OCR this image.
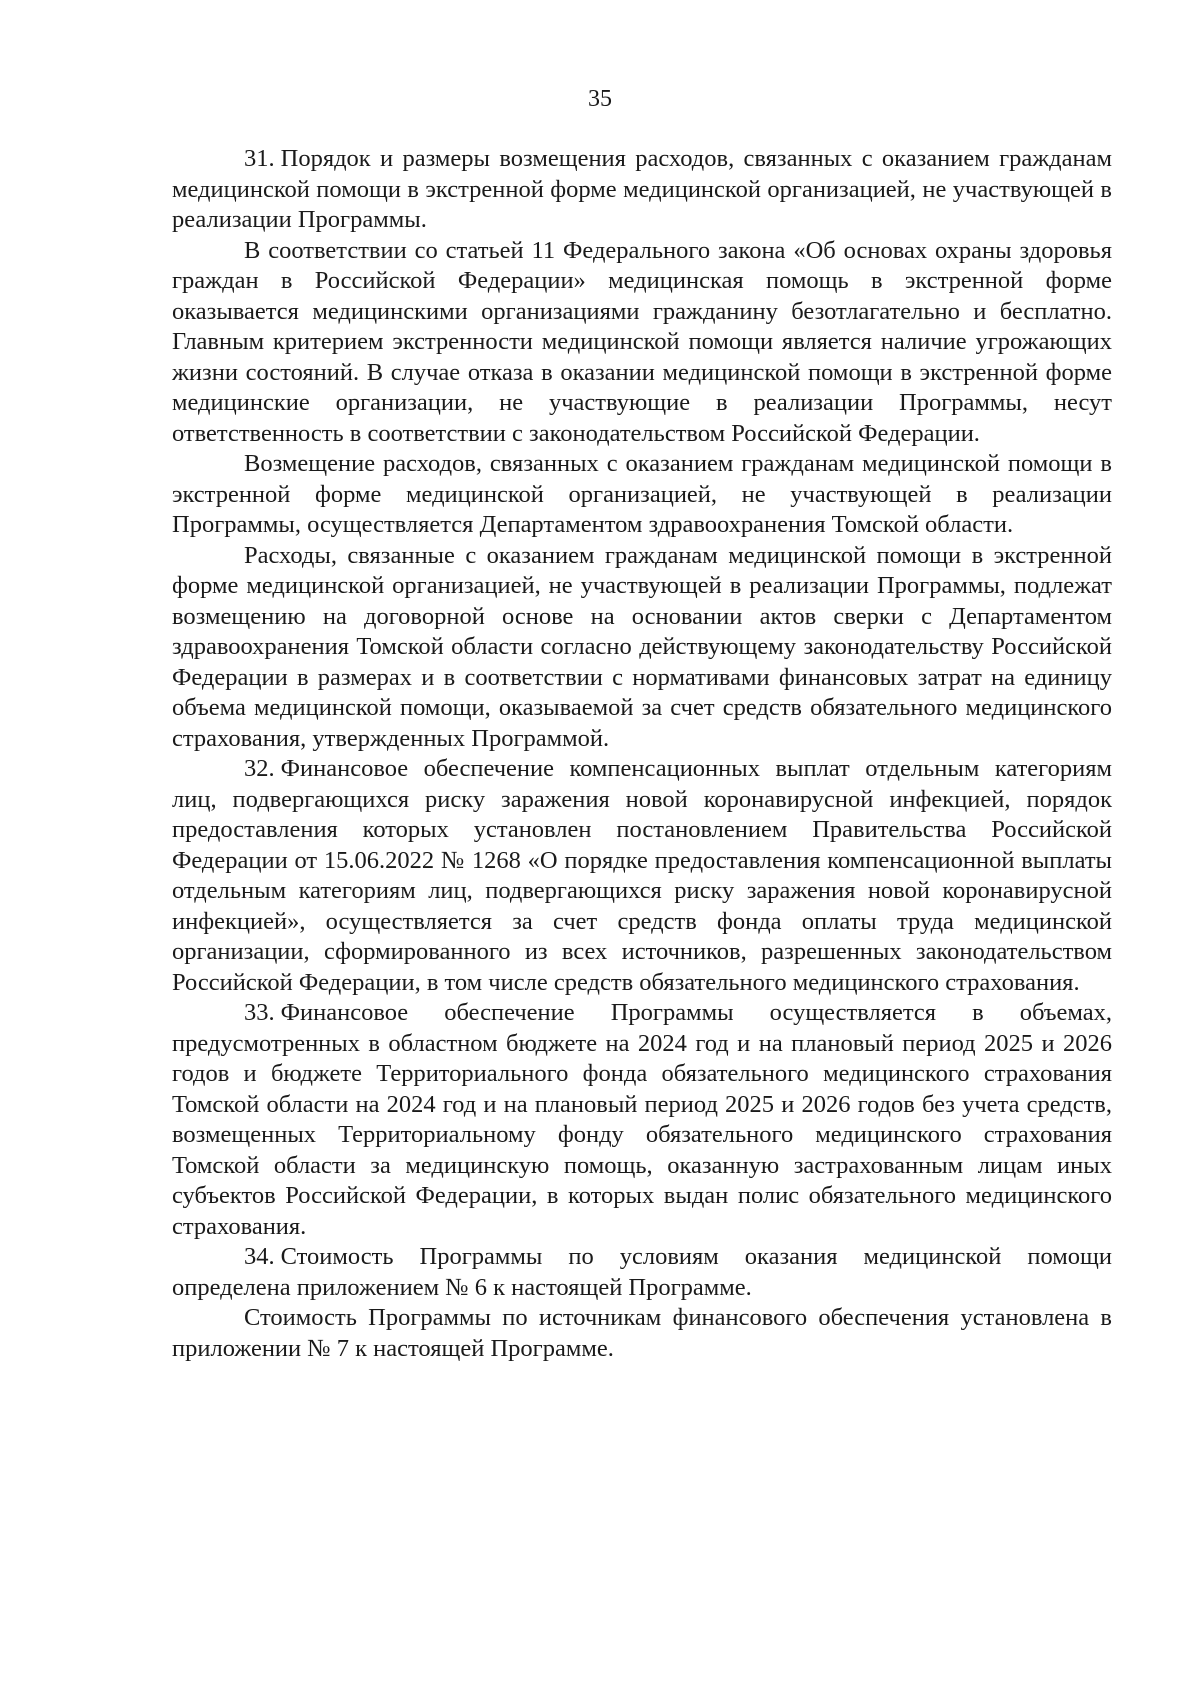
35

31. Порядок и размеры возмещения расходов, связанных с оказанием гражданам медицинской помощи в экстренной форме медицинской организацией, не участвующей в реализации Программы.

В соответствии со статьей 11 Федерального закона «Об основах охраны здоровья граждан в Российской Федерации» медицинская помощь в экстренной форме оказывается медицинскими организациями гражданину безотлагательно и бесплатно. Главным критерием экстренности медицинской помощи является наличие угрожающих жизни состояний. В случае отказа в оказании медицинской помощи в экстренной форме медицинские организации, не участвующие в реализации Программы, несут ответственность в соответствии с законодательством Российской Федерации.

Возмещение расходов, связанных с оказанием гражданам медицинской помощи в экстренной форме медицинской организацией, не участвующей в реализации Программы, осуществляется Департаментом здравоохранения Томской области.

Расходы, связанные с оказанием гражданам медицинской помощи в экстренной форме медицинской организацией, не участвующей в реализации Программы, подлежат возмещению на договорной основе на основании актов сверки с Департаментом здравоохранения Томской области согласно действующему законодательству Российской Федерации в размерах и в соответствии с нормативами финансовых затрат на единицу объема медицинской помощи, оказываемой за счет средств обязательного медицинского страхования, утвержденных Программой.

32. Финансовое обеспечение компенсационных выплат отдельным категориям лиц, подвергающихся риску заражения новой коронавирусной инфекцией, порядок предоставления которых установлен постановлением Правительства Российской Федерации от 15.06.2022 № 1268 «О порядке предоставления компенсационной выплаты отдельным категориям лиц, подвергающихся риску заражения новой коронавирусной инфекцией», осуществляется за счет средств фонда оплаты труда медицинской организации, сформированного из всех источников, разрешенных законодательством Российской Федерации, в том числе средств обязательного медицинского страхования.

33. Финансовое обеспечение Программы осуществляется в объемах, предусмотренных в областном бюджете на 2024 год и на плановый период 2025 и 2026 годов и бюджете Территориального фонда обязательного медицинского страхования Томской области на 2024 год и на плановый период 2025 и 2026 годов без учета средств, возмещенных Территориальному фонду обязательного медицинского страхования Томской области за медицинскую помощь, оказанную застрахованным лицам иных субъектов Российской Федерации, в которых выдан полис обязательного медицинского страхования.

34. Стоимость Программы по условиям оказания медицинской помощи определена приложением № 6 к настоящей Программе.

Стоимость Программы по источникам финансового обеспечения установлена в приложении № 7 к настоящей Программе.
